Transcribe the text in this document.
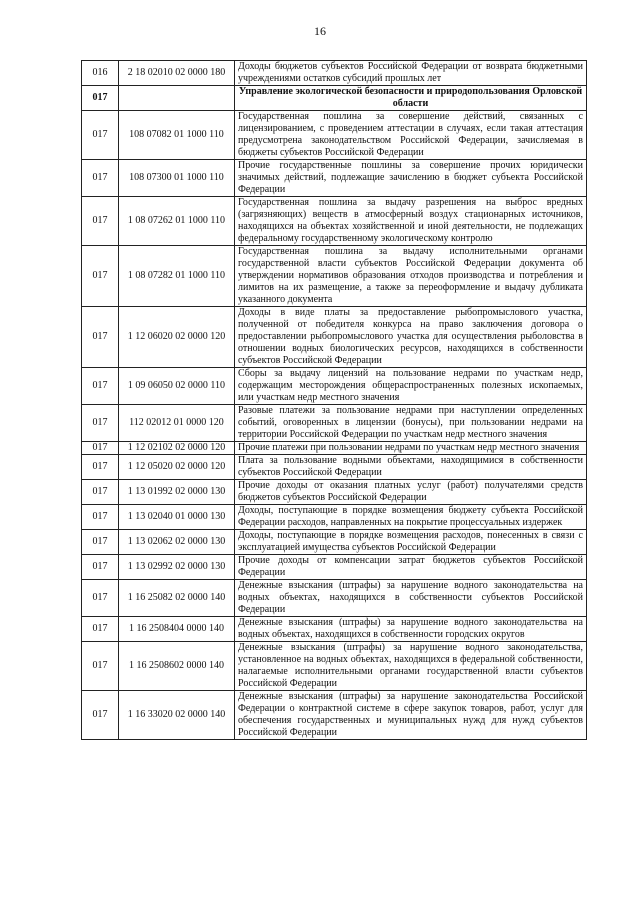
16
016	2 18 02010 02 0000 180	Доходы бюджетов субъектов Российской Федерации от возврата бюджетными учреждениями остатков субсидий прошлых лет
017		Управление экологической безопасности и природопользования Орловской области
017	108 07082 01 1000 110	Государственная пошлина за совершение действий, связанных с лицензированием, с проведением аттестации в случаях, если такая аттестация предусмотрена законодательством Российской Федерации, зачисляемая в бюджеты субъектов Российской Федерации
017	108 07300 01 1000 110	Прочие государственные пошлины за совершение прочих юридически значимых действий, подлежащие зачислению в бюджет субъекта Российской Федерации
017	1 08 07262 01 1000 110	Государственная пошлина за выдачу разрешения на выброс вредных (загрязняющих) веществ в атмосферный воздух стационарных источников, находящихся на объектах хозяйственной и иной деятельности, не подлежащих федеральному государственному экологическому контролю
017	1 08 07282 01 1000 110	Государственная пошлина за выдачу исполнительными органами государственной власти субъектов Российской Федерации документа об утверждении нормативов образования отходов производства и потребления и лимитов на их размещение, а также за переоформление и выдачу дубликата указанного документа
017	1 12 06020 02 0000 120	Доходы в виде платы за предоставление рыбопромыслового участка, полученной от победителя конкурса на право заключения договора о предоставлении рыбопромыслового участка для осуществления рыболовства в отношении водных биологических ресурсов, находящихся в собственности субъектов Российской Федерации
017	1 09 06050 02 0000 110	Сборы за выдачу лицензий на пользование недрами по участкам недр, содержащим месторождения общераспространенных полезных ископаемых, или участкам недр местного значения
017	112 02012 01 0000 120	Разовые платежи за пользование недрами при наступлении определенных событий, оговоренных в лицензии (бонусы), при пользовании недрами на территории Российской Федерации по участкам недр местного значения
017	1 12 02102 02 0000 120	Прочие платежи при пользовании недрами по участкам недр местного значения
017	1 12 05020 02 0000 120	Плата за пользование водными объектами, находящимися в собственности субъектов Российской Федерации
017	1 13 01992 02 0000 130	Прочие доходы от оказания платных услуг (работ) получателями средств бюджетов субъектов Российской Федерации
017	1 13 02040 01 0000 130	Доходы, поступающие в порядке возмещения бюджету субъекта Российской Федерации расходов, направленных на покрытие процессуальных издержек
017	1 13 02062 02 0000 130	Доходы, поступающие в порядке возмещения расходов, понесенных в связи с эксплуатацией имущества субъектов Российской Федерации
017	1 13 02992 02 0000 130	Прочие доходы от компенсации затрат бюджетов субъектов Российской Федерации
017	1 16 25082 02 0000 140	Денежные взыскания (штрафы) за нарушение водного законодательства на водных объектах, находящихся в собственности субъектов Российской Федерации
017	1 16 2508404 0000 140	Денежные взыскания (штрафы) за нарушение водного законодательства на водных объектах, находящихся в собственности городских округов
017	1 16 2508602 0000 140	Денежные взыскания (штрафы) за нарушение водного законодательства, установленное на водных объектах, находящихся в федеральной собственности, налагаемые исполнительными органами государственной власти субъектов Российской Федерации
017	1 16 33020 02 0000 140	Денежные взыскания (штрафы) за нарушение законодательства Российской Федерации о контрактной системе в сфере закупок товаров, работ, услуг для обеспечения государственных и муниципальных нужд для нужд субъектов Российской Федерации
